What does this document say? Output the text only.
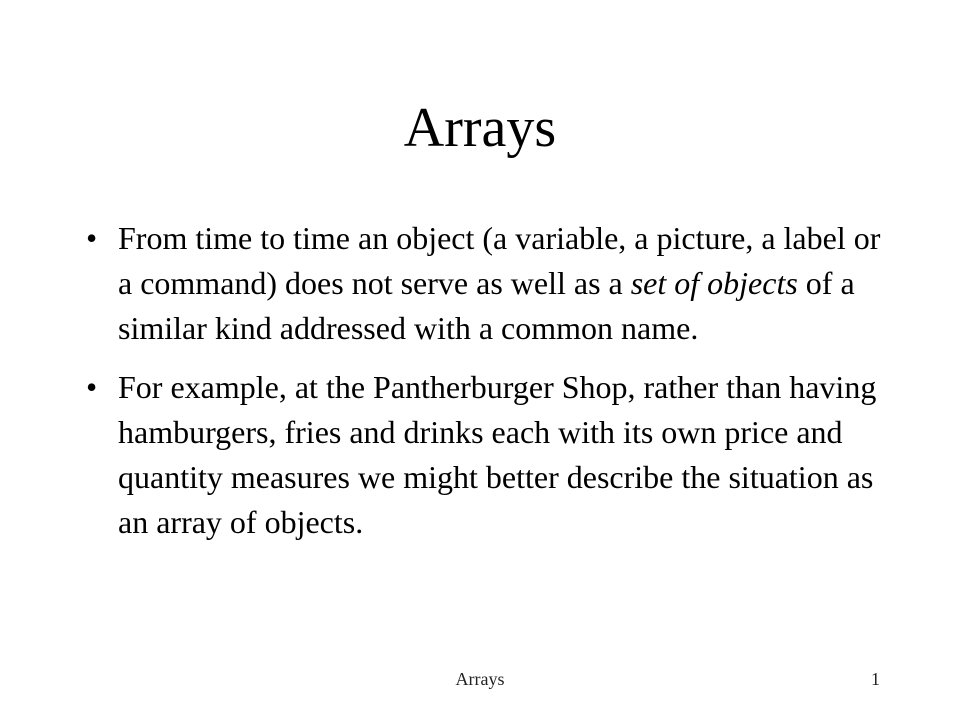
Arrays
• From time to time an object (a variable, a picture, a label or a command) does not serve as well as a set of objects of a similar kind addressed with a common name.
• For example, at the Pantherburger Shop, rather than having hamburgers, fries and drinks each with its own price and quantity measures we might better describe the situation as an array of objects.
Arrays	1
